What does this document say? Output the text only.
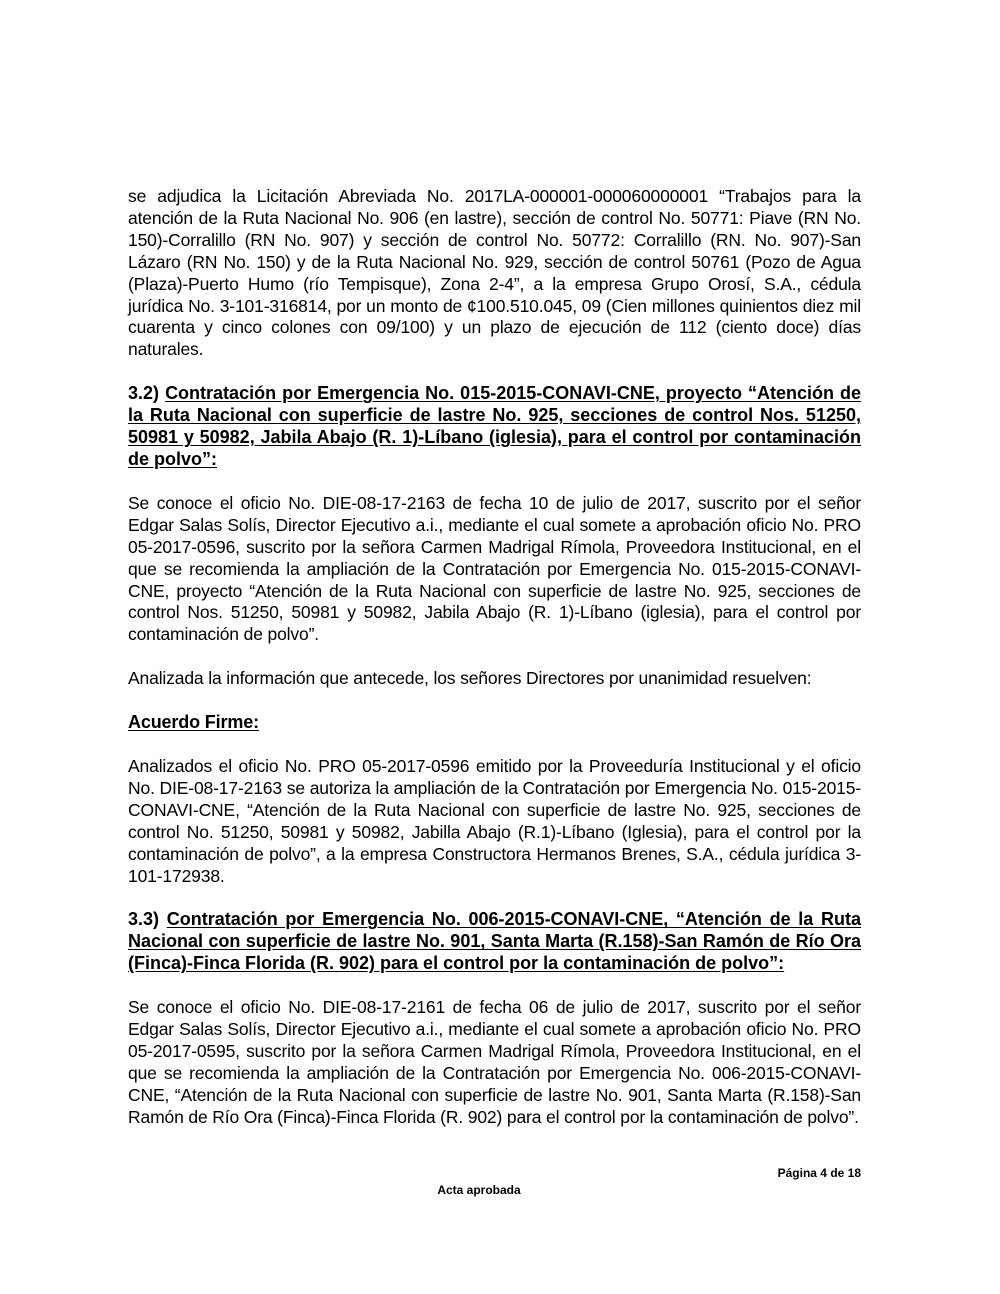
se adjudica la Licitación Abreviada No. 2017LA-000001-000060000001 “Trabajos para la atención de la Ruta Nacional No. 906 (en lastre), sección de control No. 50771: Piave (RN No. 150)-Corralillo (RN No. 907) y sección de control No. 50772: Corralillo (RN. No. 907)-San Lázaro (RN No. 150) y de la Ruta Nacional No. 929, sección de control 50761 (Pozo de Agua (Plaza)-Puerto Humo (río Tempisque), Zona 2-4”, a la empresa Grupo Orosí, S.A., cédula jurídica No. 3-101-316814, por un monto de ¢100.510.045, 09 (Cien millones quinientos diez mil cuarenta y cinco colones con 09/100) y un plazo de ejecución de 112 (ciento doce) días naturales.

3.2) Contratación por Emergencia No. 015-2015-CONAVI-CNE, proyecto “Atención de la Ruta Nacional con superficie de lastre No. 925, secciones de control Nos. 51250, 50981 y 50982, Jabila Abajo (R. 1)-Líbano (iglesia), para el control por contaminación de polvo”:

Se conoce el oficio No. DIE-08-17-2163 de fecha 10 de julio de 2017, suscrito por el señor Edgar Salas Solís, Director Ejecutivo a.i., mediante el cual somete a aprobación oficio No. PRO 05-2017-0596, suscrito por la señora Carmen Madrigal Rímola, Proveedora Institucional, en el que se recomienda la ampliación de la Contratación por Emergencia No. 015-2015-CONAVI-CNE, proyecto “Atención de la Ruta Nacional con superficie de lastre No. 925, secciones de control Nos. 51250, 50981 y 50982, Jabila Abajo (R. 1)-Líbano (iglesia), para el control por contaminación de polvo”.

Analizada la información que antecede, los señores Directores por unanimidad resuelven:

Acuerdo Firme:

Analizados el oficio No. PRO 05-2017-0596 emitido por la Proveeduría Institucional y el oficio No. DIE-08-17-2163 se autoriza la ampliación de la Contratación por Emergencia No. 015-2015-CONAVI-CNE, “Atención de la Ruta Nacional con superficie de lastre No. 925, secciones de control No. 51250, 50981 y 50982, Jabilla Abajo (R.1)-Líbano (Iglesia), para el control por la contaminación de polvo”, a la empresa Constructora Hermanos Brenes, S.A., cédula jurídica 3-101-172938.

3.3) Contratación por Emergencia No. 006-2015-CONAVI-CNE, “Atención de la Ruta Nacional con superficie de lastre No. 901, Santa Marta (R.158)-San Ramón de Río Ora (Finca)-Finca Florida (R. 902) para el control por la contaminación de polvo”:

Se conoce el oficio No. DIE-08-17-2161 de fecha 06 de julio de 2017, suscrito por el señor Edgar Salas Solís, Director Ejecutivo a.i., mediante el cual somete a aprobación oficio No. PRO 05-2017-0595, suscrito por la señora Carmen Madrigal Rímola, Proveedora Institucional, en el que se recomienda la ampliación de la Contratación por Emergencia No. 006-2015-CONAVI-CNE, “Atención de la Ruta Nacional con superficie de lastre No. 901, Santa Marta (R.158)-San Ramón de Río Ora (Finca)-Finca Florida (R. 902) para el control por la contaminación de polvo”.

Página 4 de 18
Acta aprobada
